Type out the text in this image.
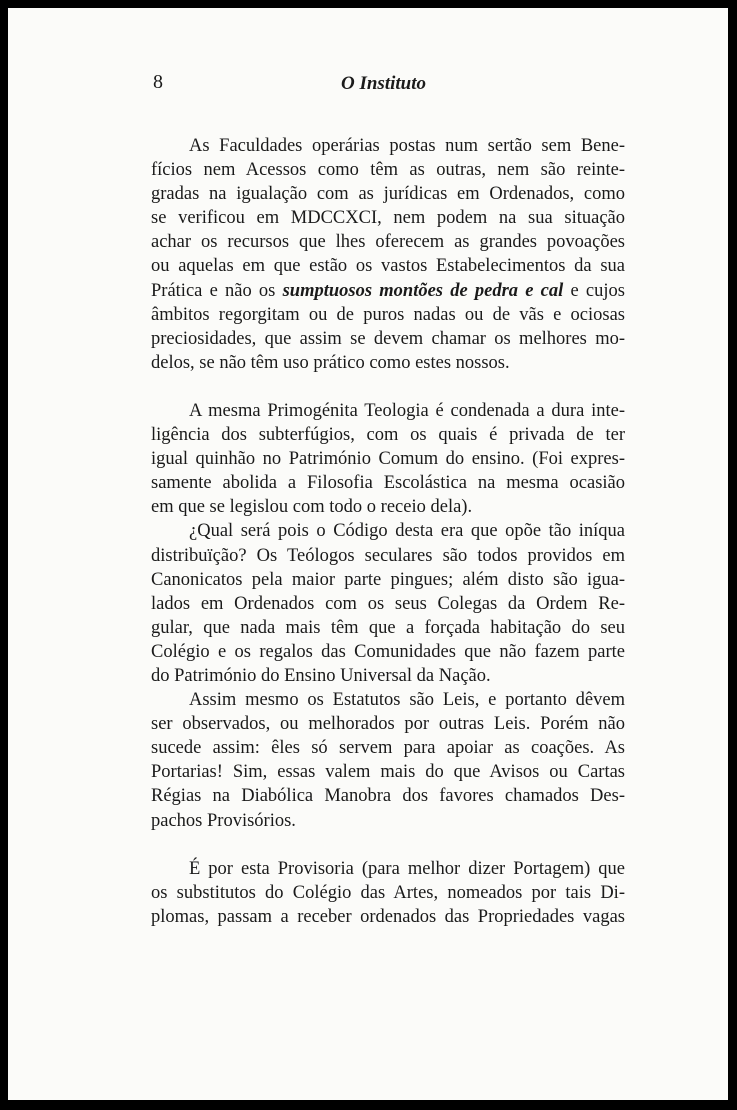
8	O Instituto
As Faculdades operárias postas num sertão sem Bene-
fícios nem Acessos como têm as outras, nem são reinte-
gradas na igualação com as jurídicas em Ordenados, como
se verificou em MDCCXCI, nem podem na sua situação
achar os recursos que lhes oferecem as grandes povoações
ou aquelas em que estão os vastos Estabelecimentos da sua
Prática e não os sumptuosos montões de pedra e cal e cujos
âmbitos regorgitam ou de puros nadas ou de vãs e ociosas
preciosidades, que assim se devem chamar os melhores mo-
delos, se não têm uso prático como estes nossos.
A mesma Primogénita Teologia é condenada a dura inte-
ligência dos subterfúgios, com os quais é privada de ter
igual quinhão no Património Comum do ensino. (Foi expres-
samente abolida a Filosofia Escolástica na mesma ocasião
em que se legislou com todo o receio dela).
¿Qual será pois o Código desta era que opõe tão iníqua
distribuïção? Os Teólogos seculares são todos providos em
Canonicatos pela maior parte pingues; além disto são igua-
lados em Ordenados com os seus Colegas da Ordem Re-
gular, que nada mais têm que a forçada habitação do seu
Colégio e os regalos das Comunidades que não fazem parte
do Património do Ensino Universal da Nação.
Assim mesmo os Estatutos são Leis, e portanto dêvem
ser observados, ou melhorados por outras Leis. Porém não
sucede assim: êles só servem para apoiar as coações. As
Portarias! Sim, essas valem mais do que Avisos ou Cartas
Régias na Diabólica Manobra dos favores chamados Des-
pachos Provisórios.
É por esta Provisoria (para melhor dizer Portagem) que
os substitutos do Colégio das Artes, nomeados por tais Di-
plomas, passam a receber ordenados das Propriedades vagas
